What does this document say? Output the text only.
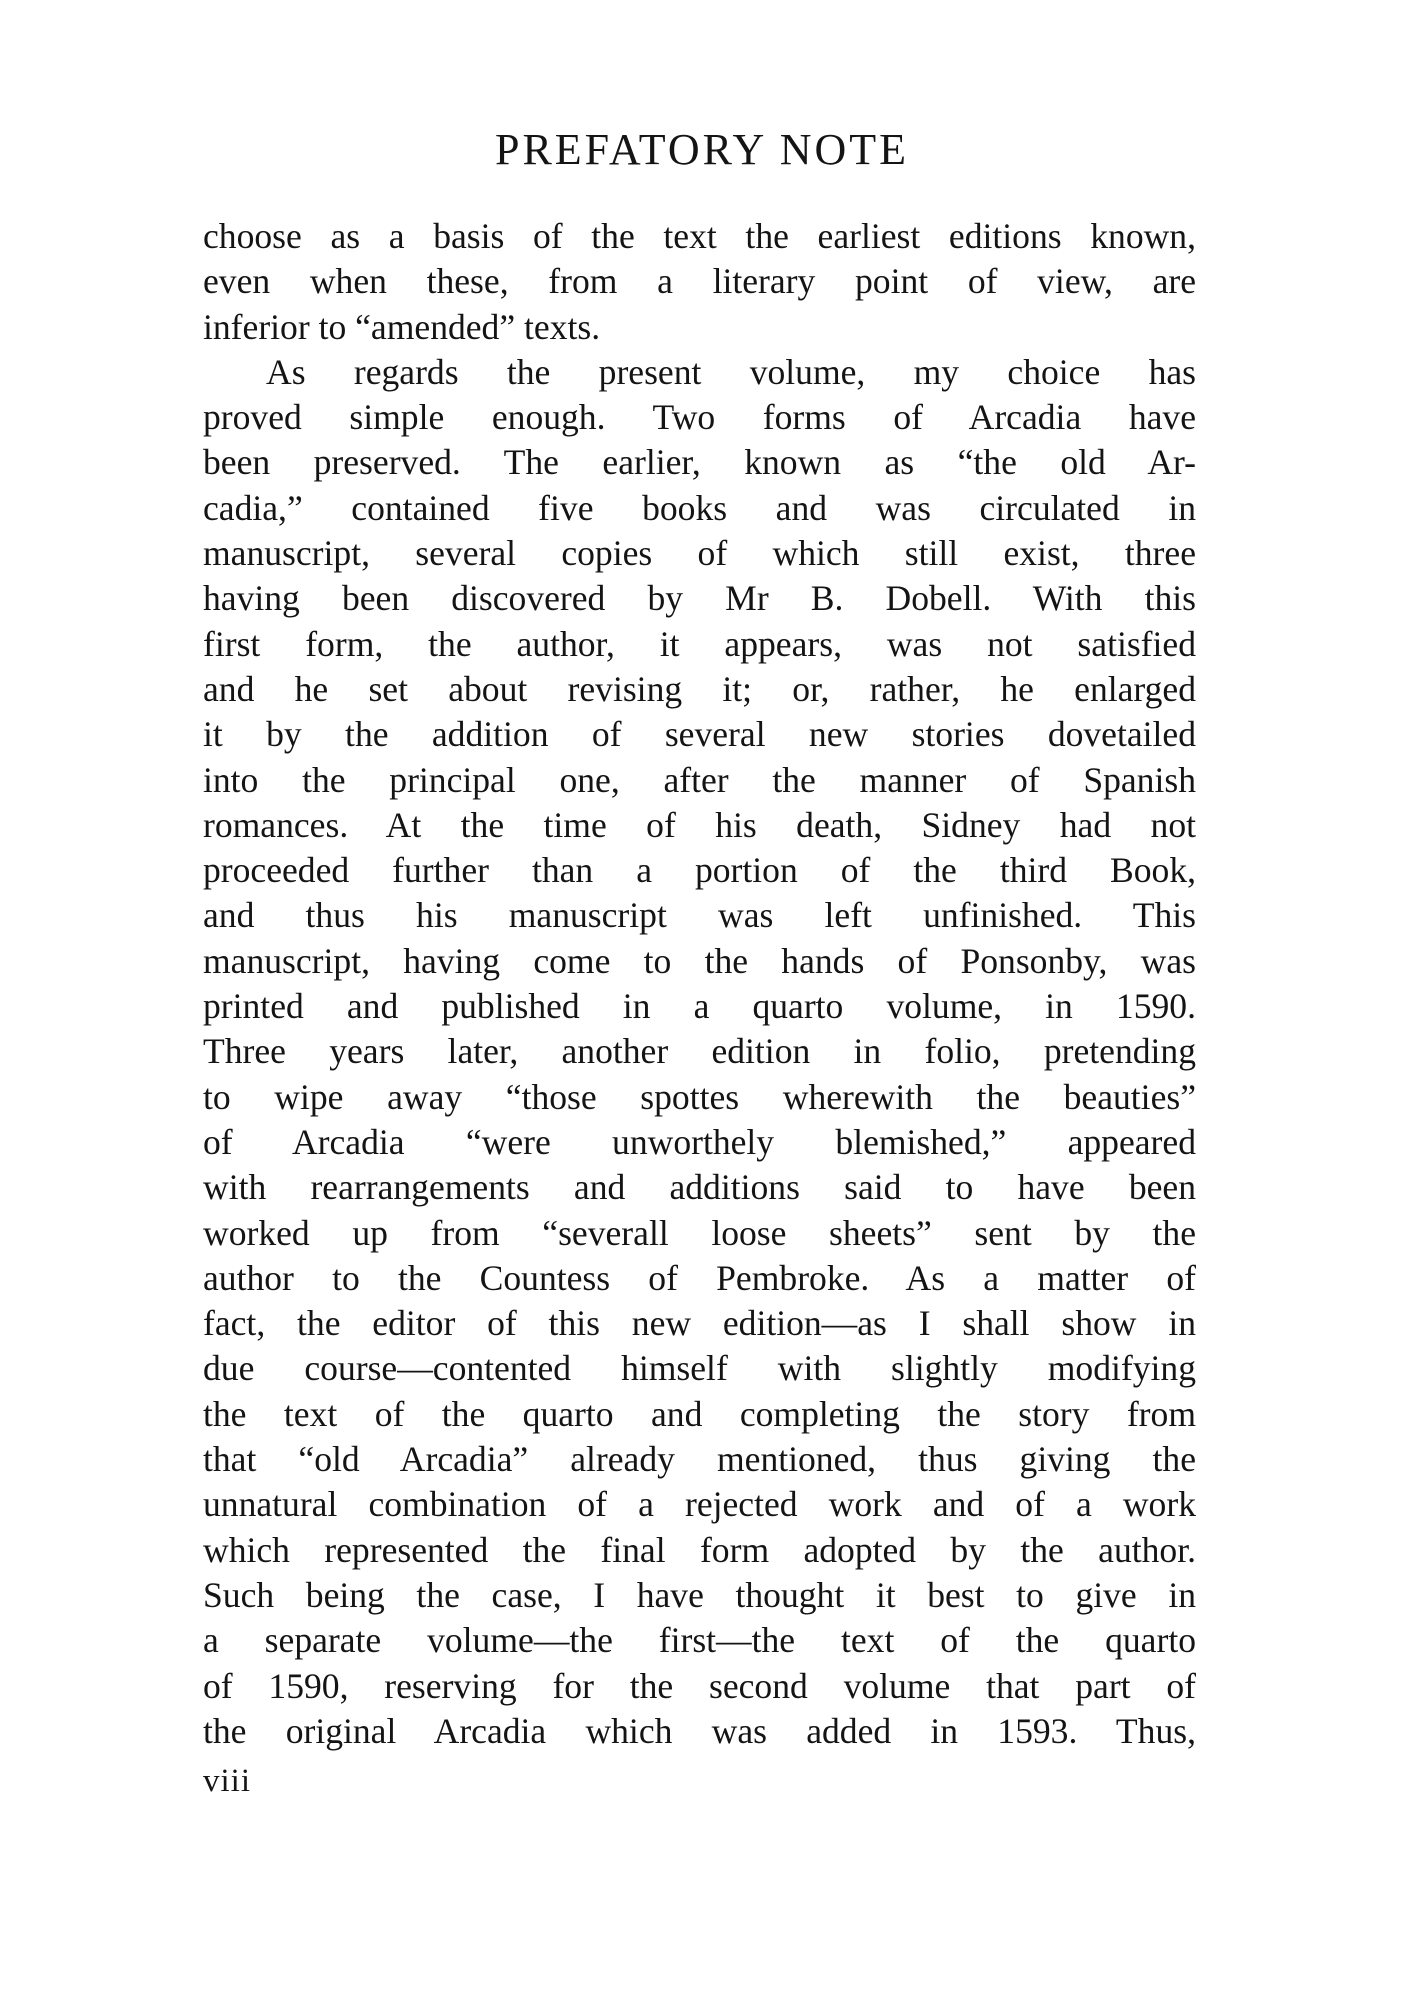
PREFATORY NOTE
choose as a basis of the text the earliest editions known,
even when these, from a literary point of view, are
inferior to “amended” texts.
As regards the present volume, my choice has
proved simple enough. Two forms of Arcadia have
been preserved. The earlier, known as “the old Ar-
cadia,” contained five books and was circulated in
manuscript, several copies of which still exist, three
having been discovered by Mr B. Dobell. With this
first form, the author, it appears, was not satisfied
and he set about revising it; or, rather, he enlarged
it by the addition of several new stories dovetailed
into the principal one, after the manner of Spanish
romances. At the time of his death, Sidney had not
proceeded further than a portion of the third Book,
and thus his manuscript was left unfinished. This
manuscript, having come to the hands of Ponsonby, was
printed and published in a quarto volume, in 1590.
Three years later, another edition in folio, pretending
to wipe away “those spottes wherewith the beauties”
of Arcadia “were unworthely blemished,” appeared
with rearrangements and additions said to have been
worked up from “severall loose sheets” sent by the
author to the Countess of Pembroke. As a matter of
fact, the editor of this new edition—as I shall show in
due course—contented himself with slightly modifying
the text of the quarto and completing the story from
that “old Arcadia” already mentioned, thus giving the
unnatural combination of a rejected work and of a work
which represented the final form adopted by the author.
Such being the case, I have thought it best to give in
a separate volume—the first—the text of the quarto
of 1590, reserving for the second volume that part of
the original Arcadia which was added in 1593. Thus,
viii
